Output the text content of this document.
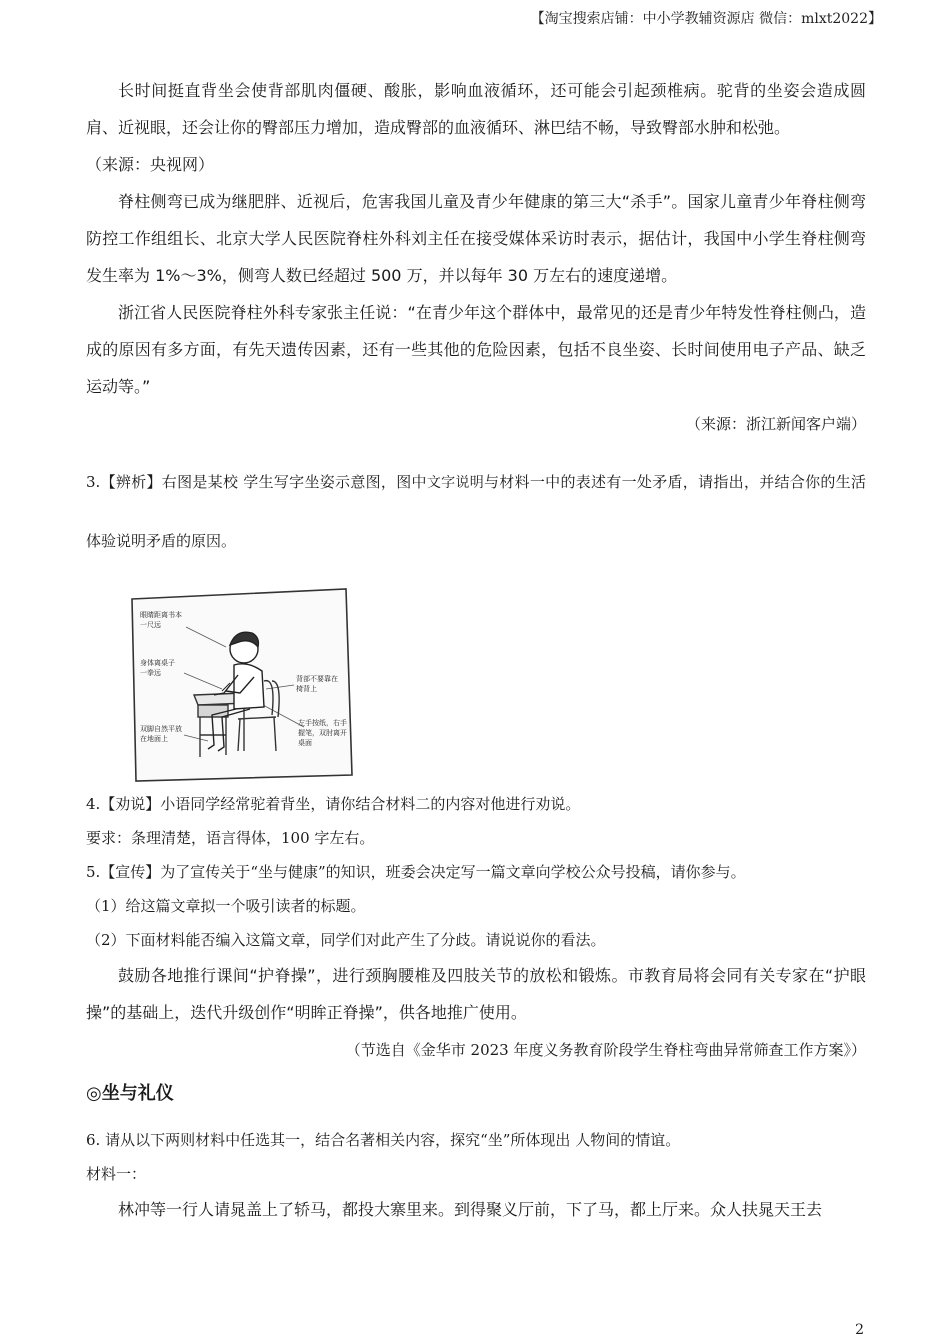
【淘宝搜索店铺：中小学教辅资源店 微信：mlxt2022】

长时间挺直背坐会使背部肌肉僵硬、酸胀，影响血液循环，还可能会引起颈椎病。驼背的坐姿会造成圆肩、近视眼，还会让你的臀部压力增加，造成臀部的血液循环、淋巴结不畅，导致臀部水肿和松弛。

（来源：央视网）

脊柱侧弯已成为继肥胖、近视后，危害我国儿童及青少年健康的第三大“杀手”。国家儿童青少年脊柱侧弯防控工作组组长、北京大学人民医院脊柱外科刘主任在接受媒体采访时表示，据估计，我国中小学生脊柱侧弯发生率为 1%～3%，侧弯人数已经超过 500 万，并以每年 30 万左右的速度递增。

浙江省人民医院脊柱外科专家张主任说：“在青少年这个群体中，最常见的还是青少年特发性脊柱侧凸，造成的原因有多方面，有先天遗传因素，还有一些其他的危险因素，包括不良坐姿、长时间使用电子产品、缺乏运动等。”

（来源：浙江新闻客户端）

3.【辨析】右图是某校 学生写字坐姿示意图，图中文字说明与材料一中的表述有一处矛盾，请指出，并结合你的生活体验说明矛盾的原因。

眼睛距离书本
一尺远
身体离桌子
一拳远
背部不要靠在
椅背上
双脚自然平放
在地面上
左手按纸，右手
握笔，双肘离开
桌面

4.【劝说】小语同学经常驼着背坐，请你结合材料二的内容对他进行劝说。

要求：条理清楚，语言得体，100 字左右。

5.【宣传】为了宣传关于“坐与健康”的知识，班委会决定写一篇文章向学校公众号投稿，请你参与。

（1）给这篇文章拟一个吸引读者的标题。

（2）下面材料能否编入这篇文章，同学们对此产生了分歧。请说说你的看法。

鼓励各地推行课间“护脊操”，进行颈胸腰椎及四肢关节的放松和锻炼。市教育局将会同有关专家在“护眼操”的基础上，迭代升级创作“明眸正脊操”，供各地推广使用。

（节选自《金华市 2023 年度义务教育阶段学生脊柱弯曲异常筛查工作方案》）

◎坐与礼仪

6. 请从以下两则材料中任选其一，结合名著相关内容，探究“坐”所体现出 人物间的情谊。

材料一：

林冲等一行人请晁盖上了轿马，都投大寨里来。到得聚义厅前，下了马，都上厅来。众人扶晁天王去

2
